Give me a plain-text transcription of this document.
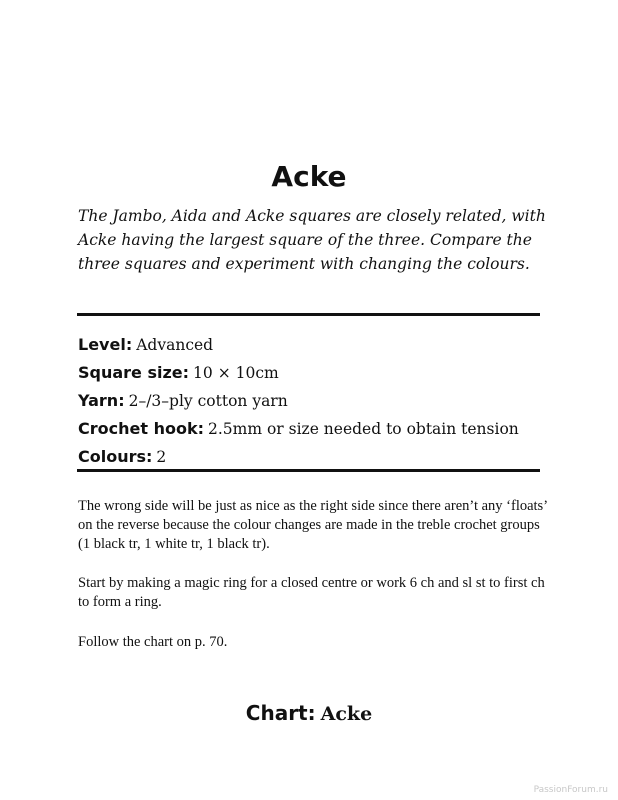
Acke

The Jambo, Aida and Acke squares are closely related, with Acke having the largest square of the three. Compare the three squares and experiment with changing the colours.

Level: Advanced
Square size: 10 × 10cm
Yarn: 2–/3–ply cotton yarn
Crochet hook: 2.5mm or size needed to obtain tension
Colours: 2

The wrong side will be just as nice as the right side since there aren’t any ‘floats’ on the reverse because the colour changes are made in the treble crochet groups (1 black tr, 1 white tr, 1 black tr).

Start by making a magic ring for a closed centre or work 6 ch and sl st to first ch to form a ring.

Follow the chart on p. 70.

Chart: Acke
PassionForum.ru
